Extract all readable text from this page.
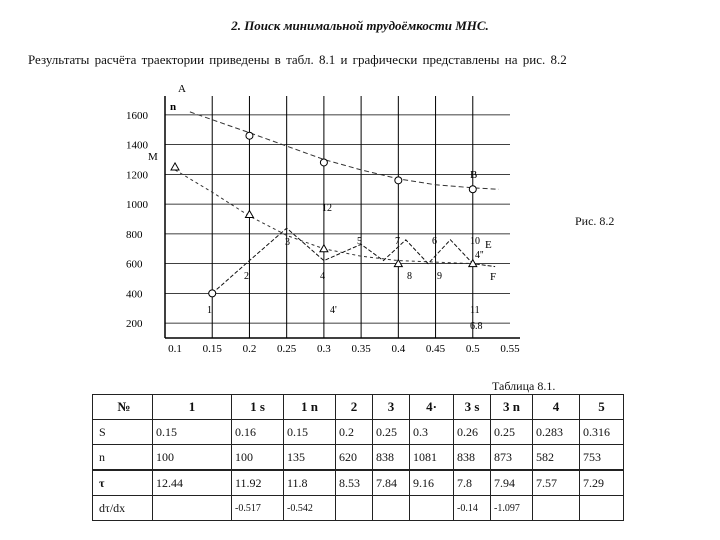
2. Поиск минимальной трудоёмкости МНС.
Результаты расчёта траектории приведены в табл. 8.1 и графически представлены на рис. 8.2
0.1 0.15 0.2 0.25 0.3 0.35 0.4 0.45 0.5 0.55
1600
1400
1200
1000
800
600
400
200
n
A
M
B
E
F
1
2
3
4
5	7
8
6
9
10
11
12
4'
4''
6.8
Рис. 8.2
Таблица 8.1.
№	1	1 s	1 n	2	3	4·	3 s	3 n	4	5
S	0.15	0.16	0.15	0.2	0.25	0.3	0.26	0.25	0.283	0.316
n	100	100	135	620	838	1081	838	873	582	753
τ	12.44	11.92	11.8	8.53	7.84	9.16	7.8	7.94	7.57	7.29
dτ/dx		-0.517	-0.542				-0.14	-1.097		
